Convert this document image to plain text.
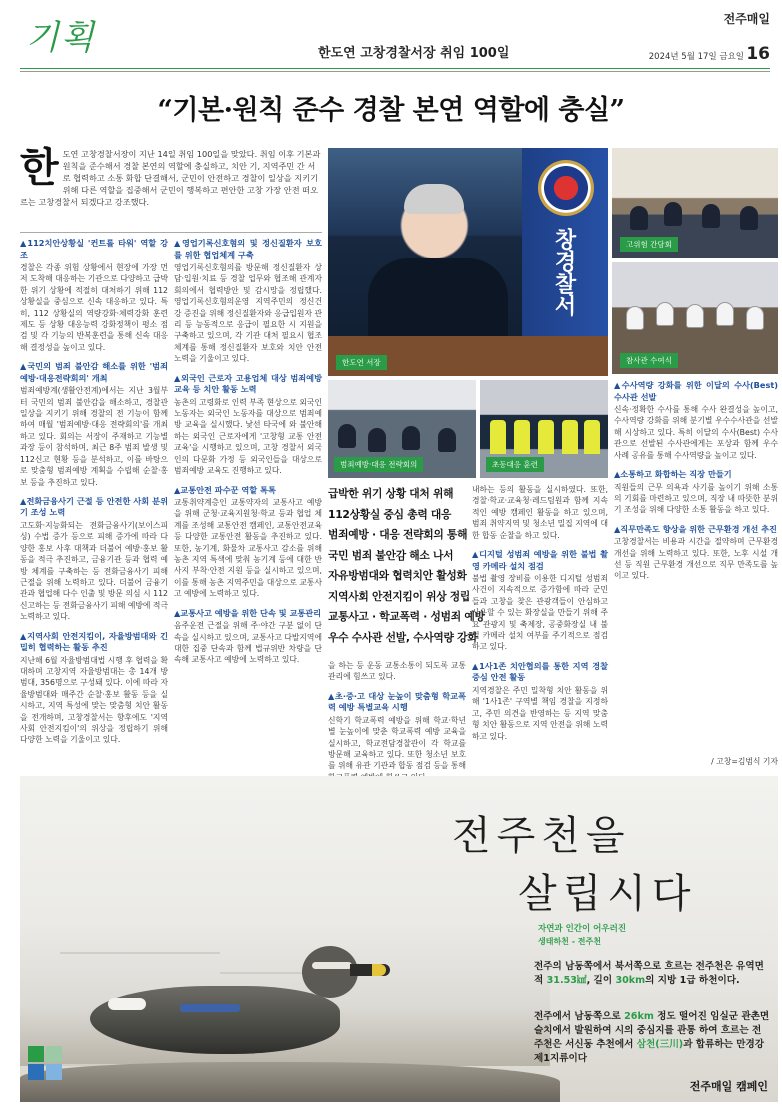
기획	한도연 고창경찰서장 취임 100일
전주매일
2024년 5월 17일 금요일 16
“기본·원칙 준수 경찰 본연 역할에 충실”
한 도연 고창경찰서장이 지난 14일 취임 100일을 맞았다. 취임 이후 기본과 원칙을 준수해서 경찰 본연의 역할에 충실하고, 치안 기, 지역주민 간 서로 협력하고 소통 화합 단결해서, 군민이 안전하고 경찰이 일상을 지키기 위해 다른 역할을 집중해서 군민이 행복하고 편안한 고창 가장 안전 떠오르는 고창경찰서 되겠다고 강조했다.

▲112치안상황실 '컨트롤 타워' 역할 강조
경찰은 각종 위험 상황에서 현장에 가장 먼저 도착해 대응하는 기관으로 다양하고 급박한 위기 상황에 적절히 대처하기 위해 112상황실을 중심으로 신속 대응하고 있다. 특히, 112 상황실의 역량강화·체력강화 훈련 제도 등 상황 대응능력 강화정책이 평소 점검 및 각 기능의 반복훈련을 통해 신속 대응해 결정성을 높이고 있다.

▲국민의 범죄 불안감 해소를 위한 '범죄예방·대응전략회의' 개최
범죄예방계(생활안전계)에서는 지난 3월부터 국민의 범죄 불안감을 해소하고, 경찰관 일상을 지키기 위해 경찰의 전 기능이 함께하여 매월 '범죄예방·대응 전략회의'를 개최하고 있다. 회의는 서장이 주재하고 기능별 과장 등이 참석하며, 최근 8주 범죄 발생 및 112신고 현황 등을 분석하고, 이를 바탕으로 맞춤형 범죄예방 계획을 수립해 순찰·홍보 등을 추진하고 있다.

▲전화금융사기 근절 등 안전한 사회 분위기 조성 노력
고도화·지능화되는 전화금융사기(보이스피싱) 수법 증가 등으로 피해 증가에 따라 다양한 홍보 사후 대책과 더불어 예방·홍보 활동을 적극 추진하고, 금융기관 등과 협력 예방 체계를 구축하는 등 전화금융사기 피해 근절을 위해 노력하고 있다. 더불어 금융기관과 협업해 다수 인출 및 방문 의심 시 112신고하는 등 전화금융사기 피해 예방에 적극 노력하고 있다.

▲지역사회 안전지킴이, 자율방범대와 긴밀히 협력하는 활동 추진
지난해 6월 자율방범대법 시행 후 협력을 확대하며 고창지역 자율방범대는 총 14개 방범대, 356명으로 구성돼 있다. 이에 따라 자율방범대와 매주간 순찰·홍보 활동 등을 실시하고, 지역 특성에 맞는 맞춤형 치안 활동을 전개하며, 고창경찰서는 향후에도 '지역사회 안전지킴이'의 위상을 정립하기 위해 다양한 노력을 기울이고 있다.

▲영업기록신호혐의 및 정신질환자 보호를 위한 협업체계 구축
영업기록신호혐의를 방문해 정신질환자 상담·입원·치료 등 경찰 업무와 협조해 관계자 회의에서 협력방안 및 감시망을 정립했다. 영업기록신호혐의운영 지역주민의 정신건강 증진을 위해 정신질환자와 응급입원자 관리 등 능동적으로 응급이 필요한 시 지원을 구축하고 있으며, 각 기관 대처 필요시 협조 체계를 통해 정신질환자 보호와 치안 안전 노력을 기울이고 있다.

▲외국인 근로자 고용업체 대상 범죄예방 교육 등 치안 활동 노력
농촌의 고령화로 인력 부족 현상으로 외국인 노동자는 외국인 노동자를 대상으로 범죄예방 교육을 실시했다. 낯선 타국에 와 불안해하는 외국인 근로자에게 '고창형 교통 안전교육'을 시행하고 있으며, 고창 경찰서 외국인의 다문화 가정 등 외국인들을 대상으로 범죄예방 교육도 진행하고 있다.

▲교통안전 파수꾼 역할 톡톡
교통취약계층인 교통약자의 교통사고 예방을 위해 군청·교육지원청·학교 등과 협업 체계를 조성해 교통안전 캠페인, 교통안전교육 등 다양한 교통안전 활동을 추진하고 있다. 또한, 농기계, 화물차 교통사고 감소를 위해 농촌 지역 특색에 맞춰 농기계 등에 대한 반사지 부착·안전 지원 등을 실시하고 있으며, 이를 통해 농촌 지역주민을 대상으로 교통사고 예방에 노력하고 있다.

▲교통사고 예방을 위한 단속 및 교통관리
음주운전 근절을 위해 주·야간 구분 없이 단속을 실시하고 있으며, 교통사고 다발지역에 대한 집중 단속과 함께 법규위반 차량을 단속해 교통사고 예방에 노력하고 있다.

창경찰서
한도연 서장
고위험 간담회
참사관 수여식
범죄예방·대응 전략회의	초동대응 훈련
급박한 위기 상황 대처 위해
112상황실 중심 총력 대응
범죄예방 · 대응 전략회의 통해
국민 범죄 불안감 해소 나서
자유방범대와 협력치안 활성화
지역사회 안전지킴이 위상 정립
교통사고 · 학교폭력 · 성범죄 예방
우수 수사관 선발, 수사역량 강화

을 하는 등 운동 교통소통이 되도록 교통관리에 힘쓰고 있다.

▲초·중·고 대상 눈높이 맞춤형 학교폭력 예방 특별교육 시행
신학기 학교폭력 예방을 위해 학교·학년별 눈높이에 맞춘 학교폭력 예방 교육을 실시하고, 학교전담경찰관이 각 학교를 방문해 교육하고 있다. 또한 청소년 보호를 위해 유관 기관과 합동 점검 등을 통해

내하는 등의 활동을 실시하였다. 또한, 경찰·학교·교육청·레드팀원과 함께 지속적인 예방 캠페인 활동을 하고 있으며, 범죄 취약지역 및 청소년 밀집 지역에 대한 합동 순찰을 하고 있다.

▲디지털 성범죄 예방을 위한 불법 촬영 카메라 설치 점검
불법 촬영 장비를 이용한 디지털 성범죄 사건이 지속적으로 증가함에 따라 군민들과 고창을 찾은 관광객들이 안심하고 사용할 수 있는 화장실을 만들기 위해 주요 관광지 및 축제장, 공중화장실 내 불법 카메라 설치 여부를 주기적으로 점검하고 있다.

▲1사1존 치안협의를 통한 지역 경찰 중심 안전 활동
지역경찰은 주민 밀착형 치안 활동을 위해 '1사1존' 구역별 책임 경찰을 지정하고, 주민 의견을 반영하는 등 지역 맞춤형 치안 활동으로 지역 안전을 위해 노력하고 있다.

▲수사역량 강화를 위한 이달의 수사(Best) 수사관 선발
신속·정확한 수사를 통해 수사 완결성을 높이고, 수사역량 강화를 위해 분기별 우수수사관을 선발해 시상하고 있다. 특히 이달의 수사(Best) 수사관으로 선발된 수사관에게는 포상과 함께 우수 사례 공유를 통해 수사역량을 높이고 있다.

▲소통하고 화합하는 직장 만들기
직원들의 근무 의욕과 사기를 높이기 위해 소통의 기회를 마련하고 있으며, 직장 내 따뜻한 분위기 조성을 위해 다양한 소통 활동을 하고 있다.

▲직무만족도 향상을 위한 근무환경 개선 추진
고창경찰서는 비용과 시간을 절약하며 근무환경 개선을 위해 노력하고 있다. 또한, 노후 시설 개선 등 직원 근무환경 개선으로 직무 만족도를 높이고 있다.

/ 고창=김범식 기자
전주천을
살립시다
자연과 인간이 어우러진
생태하천 - 전주천
전주의 남동쪽에서 북서쪽으로 흐르는 전주천은 유역면적 31.53㎢, 길이 30km의 지방 1급 하천이다.
전주에서 남동쪽으로 26km 정도 떨어진 임실군 관촌면 슬치에서 발원하여 시의 중심지를 관통 하여 흐르는 전주천은 서신동 추천에서 삼천(三川)과 합류하는 만경강 제1지류이다
전주매일 캠페인
